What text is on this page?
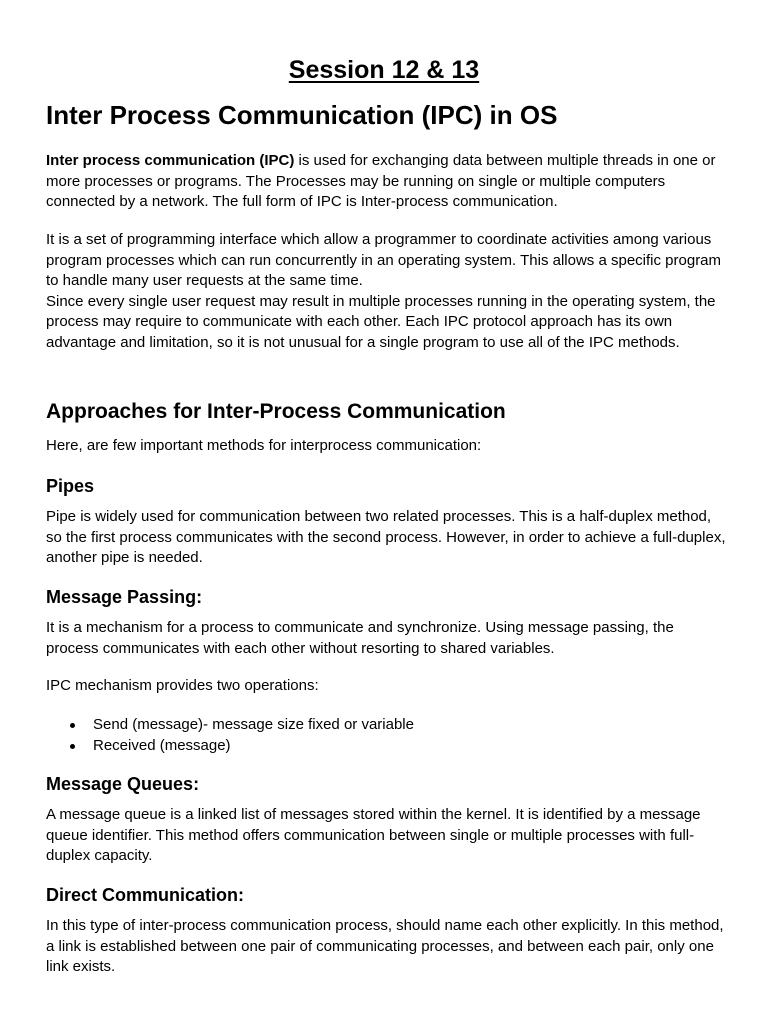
Session 12 & 13
Inter Process Communication (IPC) in OS

Inter process communication (IPC) is used for exchanging data between multiple threads in one or more processes or programs. The Processes may be running on single or multiple computers connected by a network. The full form of IPC is Inter-process communication.

It is a set of programming interface which allow a programmer to coordinate activities among various program processes which can run concurrently in an operating system. This allows a specific program to handle many user requests at the same time.
Since every single user request may result in multiple processes running in the operating system, the process may require to communicate with each other. Each IPC protocol approach has its own advantage and limitation, so it is not unusual for a single program to use all of the IPC methods.

Approaches for Inter-Process Communication

Here, are few important methods for interprocess communication:

Pipes

Pipe is widely used for communication between two related processes. This is a half-duplex method, so the first process communicates with the second process. However, in order to achieve a full-duplex, another pipe is needed.

Message Passing:

It is a mechanism for a process to communicate and synchronize. Using message passing, the process communicates with each other without resorting to shared variables.

IPC mechanism provides two operations:

Send (message)- message size fixed or variable
Received (message)
Message Queues:

A message queue is a linked list of messages stored within the kernel. It is identified by a message queue identifier. This method offers communication between single or multiple processes with full-duplex capacity.

Direct Communication:

In this type of inter-process communication process, should name each other explicitly. In this method, a link is established between one pair of communicating processes, and between each pair, only one link exists.
